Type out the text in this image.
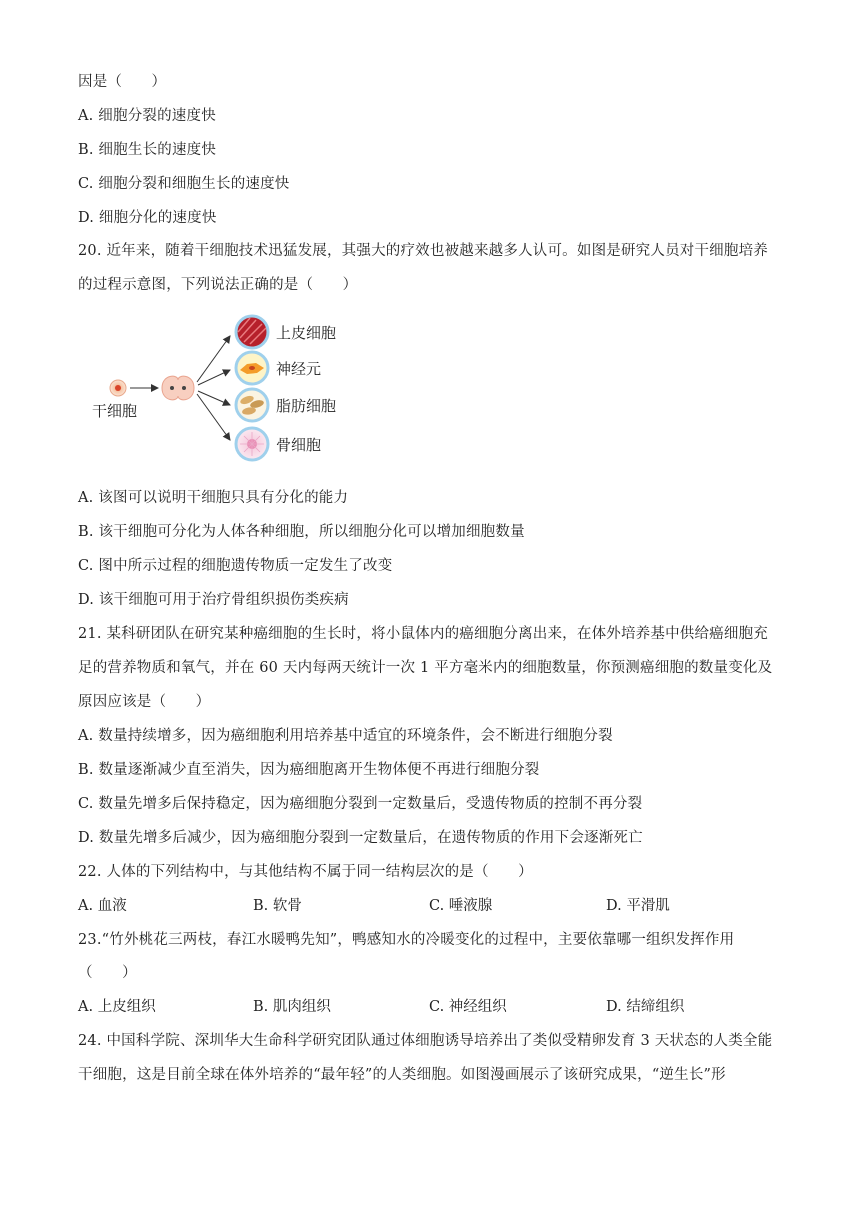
因是（　　）
A. 细胞分裂的速度快
B. 细胞生长的速度快
C. 细胞分裂和细胞生长的速度快
D. 细胞分化的速度快
20. 近年来，随着干细胞技术迅猛发展，其强大的疗效也被越来越多人认可。如图是研究人员对干细胞培养
的过程示意图，下列说法正确的是（　　）
干细胞
上皮细胞
神经元
脂肪细胞
骨细胞
A. 该图可以说明干细胞只具有分化的能力
B. 该干细胞可分化为人体各种细胞，所以细胞分化可以增加细胞数量
C. 图中所示过程的细胞遗传物质一定发生了改变
D. 该干细胞可用于治疗骨组织损伤类疾病
21. 某科研团队在研究某种癌细胞的生长时，将小鼠体内的癌细胞分离出来，在体外培养基中供给癌细胞充
足的营养物质和氧气，并在 60 天内每两天统计一次 1 平方毫米内的细胞数量，你预测癌细胞的数量变化及
原因应该是（　　）
A. 数量持续增多，因为癌细胞利用培养基中适宜的环境条件，会不断进行细胞分裂
B. 数量逐渐减少直至消失，因为癌细胞离开生物体便不再进行细胞分裂
C. 数量先增多后保持稳定，因为癌细胞分裂到一定数量后，受遗传物质的控制不再分裂
D. 数量先增多后减少，因为癌细胞分裂到一定数量后，在遗传物质的作用下会逐渐死亡
22. 人体的下列结构中，与其他结构不属于同一结构层次的是（　　）
A. 血液	B. 软骨	C. 唾液腺	D. 平滑肌
23.“竹外桃花三两枝，春江水暖鸭先知”，鸭感知水的冷暖变化的过程中，主要依靠哪一组织发挥作用
（　　）
A. 上皮组织	B. 肌肉组织	C. 神经组织	D. 结缔组织
24. 中国科学院、深圳华大生命科学研究团队通过体细胞诱导培养出了类似受精卵发育 3 天状态的人类全能
干细胞，这是目前全球在体外培养的“最年轻”的人类细胞。如图漫画展示了该研究成果，“逆生长”形
